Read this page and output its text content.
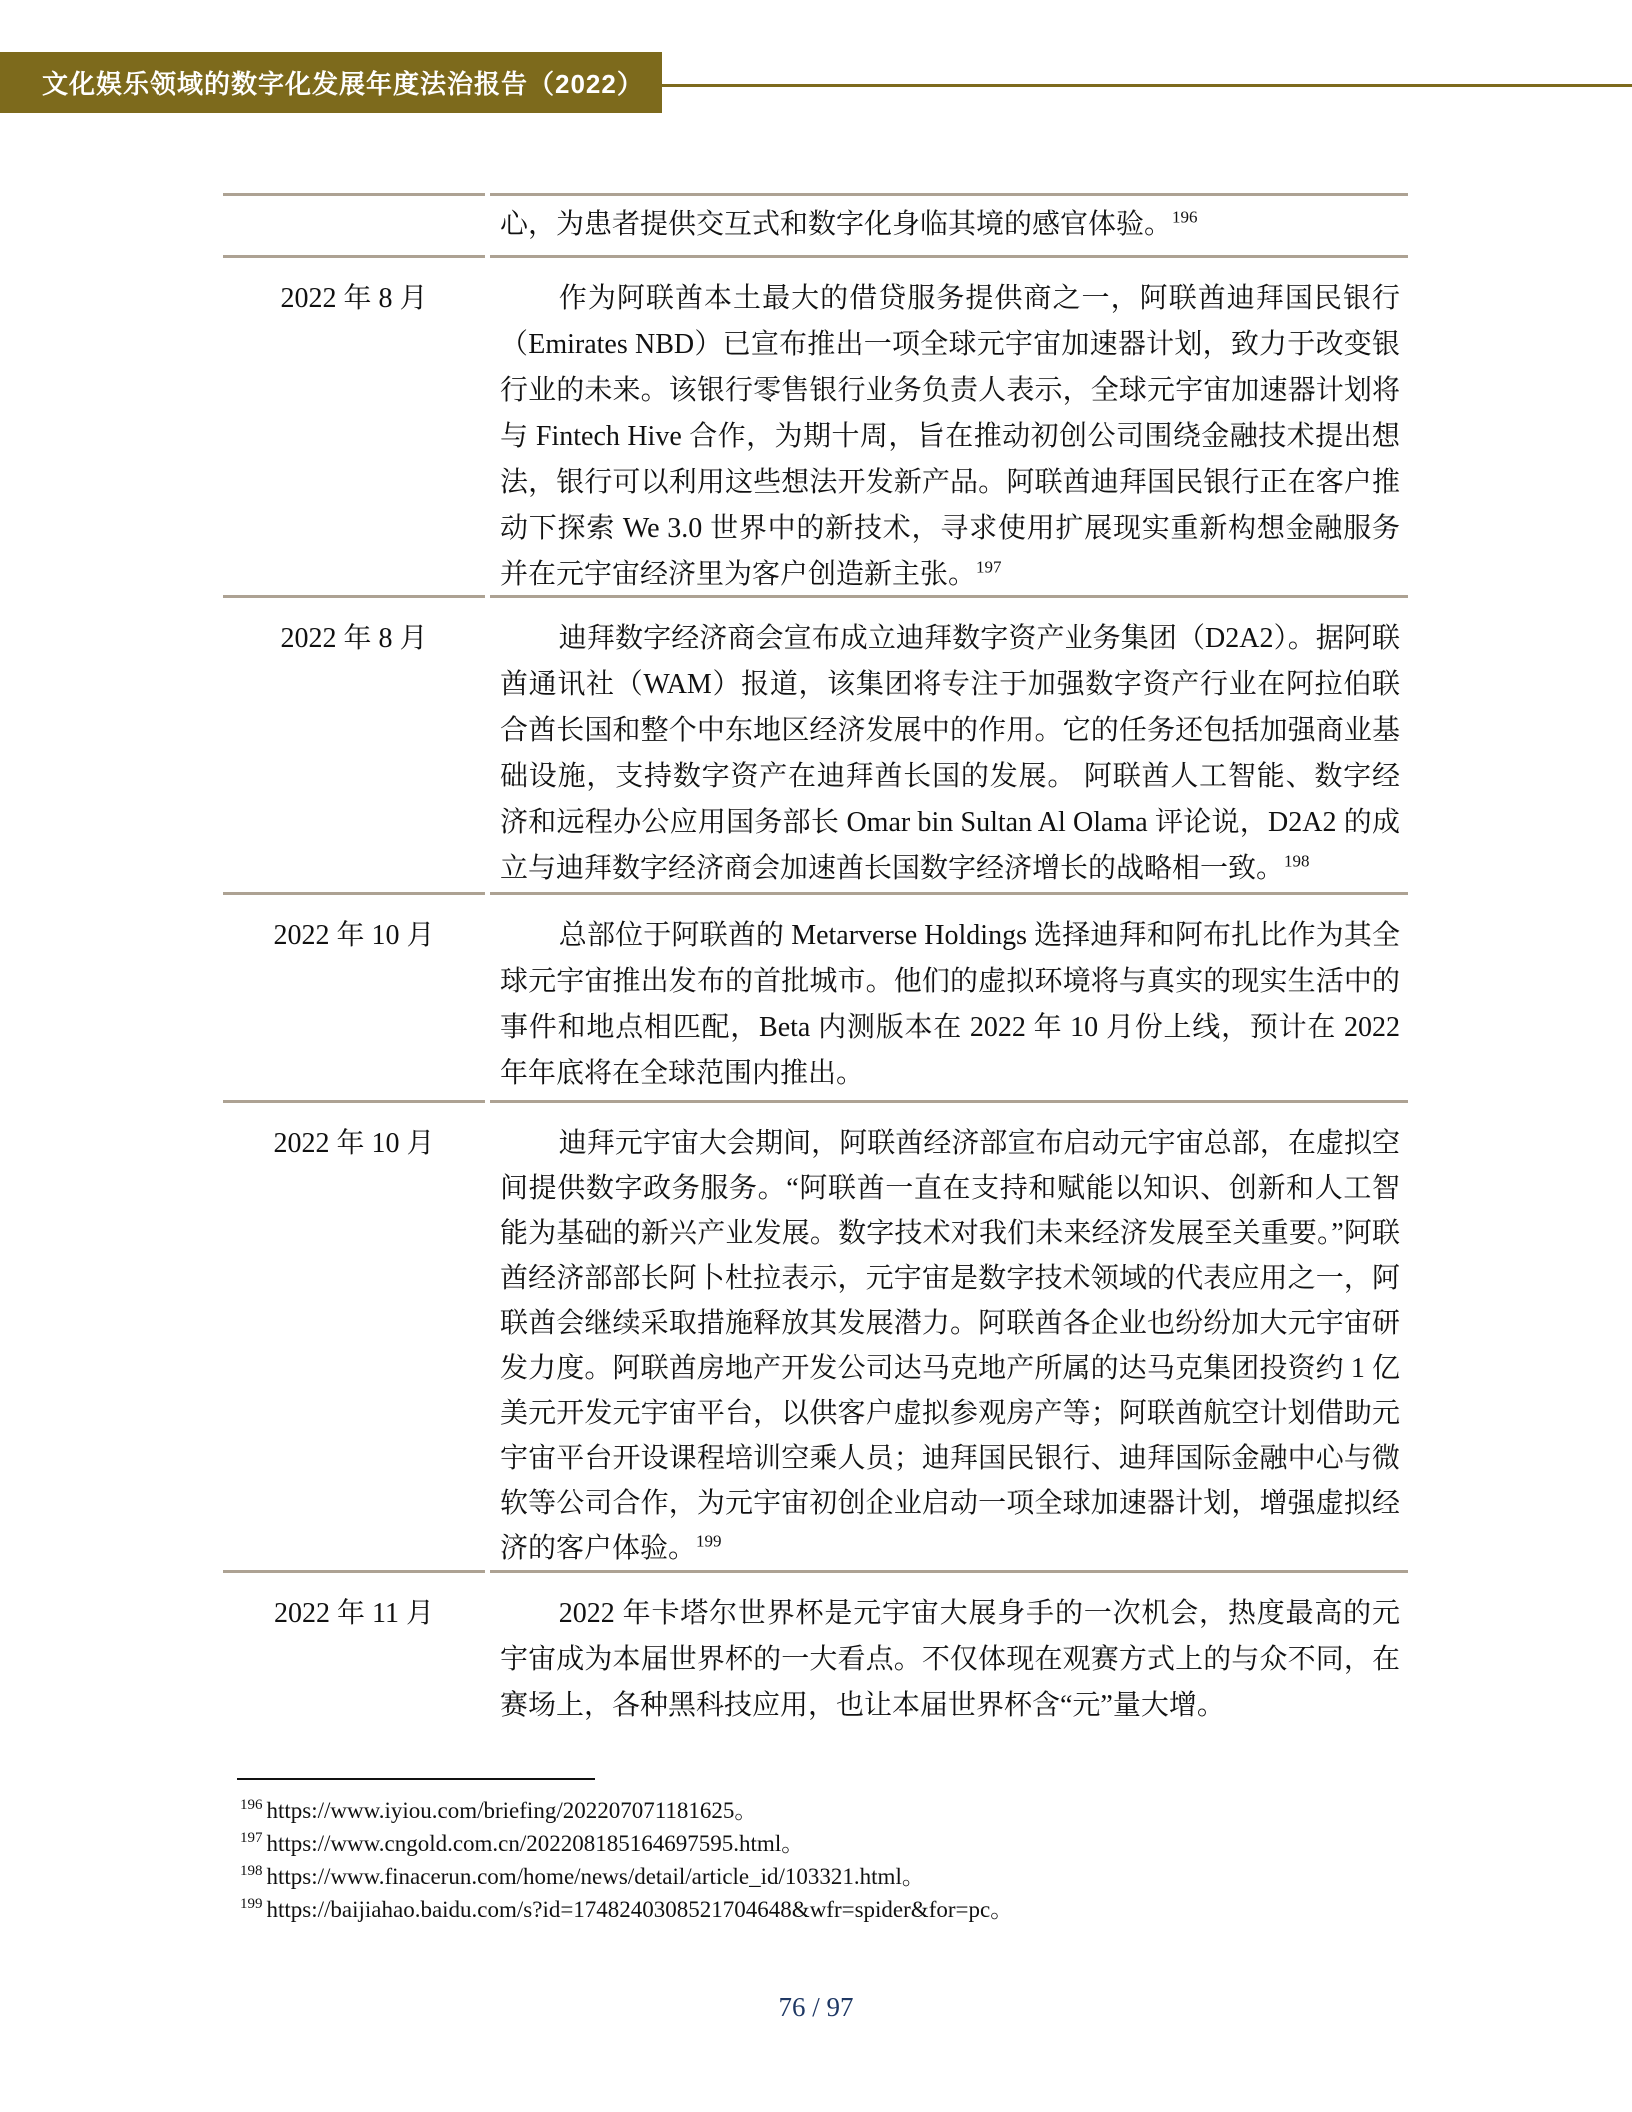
文化娱乐领域的数字化发展年度法治报告（2022）

心，为患者提供交互式和数字化身临其境的感官体验。$^{196}$

2022 年 8 月	作为阿联酋本土最大的借贷服务提供商之一，阿联酋迪拜国民银行（Emirates NBD）已宣布推出一项全球元宇宙加速器计划，致力于改变银行业的未来。该银行零售银行业务负责人表示，全球元宇宙加速器计划将与 Fintech Hive 合作，为期十周，旨在推动初创公司围绕金融技术提出想法，银行可以利用这些想法开发新产品。阿联酋迪拜国民银行正在客户推动下探索 We 3.0 世界中的新技术，寻求使用扩展现实重新构想金融服务并在元宇宙经济里为客户创造新主张。$^{197}$

2022 年 8 月	迪拜数字经济商会宣布成立迪拜数字资产业务集团（D2A2）。据阿联酋通讯社（WAM）报道，该集团将专注于加强数字资产行业在阿拉伯联合酋长国和整个中东地区经济发展中的作用。它的任务还包括加强商业基础设施，支持数字资产在迪拜酋长国的发展。 阿联酋人工智能、数字经济和远程办公应用国务部长 Omar bin Sultan Al Olama 评论说，D2A2 的成立与迪拜数字经济商会加速酋长国数字经济增长的战略相一致。$^{198}$

2022 年 10 月	总部位于阿联酋的 Metarverse Holdings 选择迪拜和阿布扎比作为其全球元宇宙推出发布的首批城市。他们的虚拟环境将与真实的现实生活中的事件和地点相匹配，Beta 内测版本在 2022 年 10 月份上线，预计在 2022 年年底将在全球范围内推出。

2022 年 10 月	迪拜元宇宙大会期间，阿联酋经济部宣布启动元宇宙总部，在虚拟空间提供数字政务服务。“阿联酋一直在支持和赋能以知识、创新和人工智能为基础的新兴产业发展。数字技术对我们未来经济发展至关重要。”阿联酋经济部部长阿卜杜拉表示，元宇宙是数字技术领域的代表应用之一，阿联酋会继续采取措施释放其发展潜力。阿联酋各企业也纷纷加大元宇宙研发力度。阿联酋房地产开发公司达马克地产所属的达马克集团投资约 1 亿美元开发元宇宙平台，以供客户虚拟参观房产等；阿联酋航空计划借助元宇宙平台开设课程培训空乘人员；迪拜国民银行、迪拜国际金融中心与微软等公司合作，为元宇宙初创企业启动一项全球加速器计划，增强虚拟经济的客户体验。$^{199}$

2022 年 11 月	2022 年卡塔尔世界杯是元宇宙大展身手的一次机会，热度最高的元宇宙成为本届世界杯的一大看点。不仅体现在观赛方式上的与众不同，在赛场上，各种黑科技应用，也让本届世界杯含“元”量大增。

$^{196}$ https://www.iyiou.com/briefing/202207071181625。
$^{197}$ https://www.cngold.com.cn/202208185164697595.html。
$^{198}$ https://www.finacerun.com/home/news/detail/article_id/103321.html。
$^{199}$ https://baijiahao.baidu.com/s?id=1748240308521704648&wfr=spider&for=pc。
76 / 97
